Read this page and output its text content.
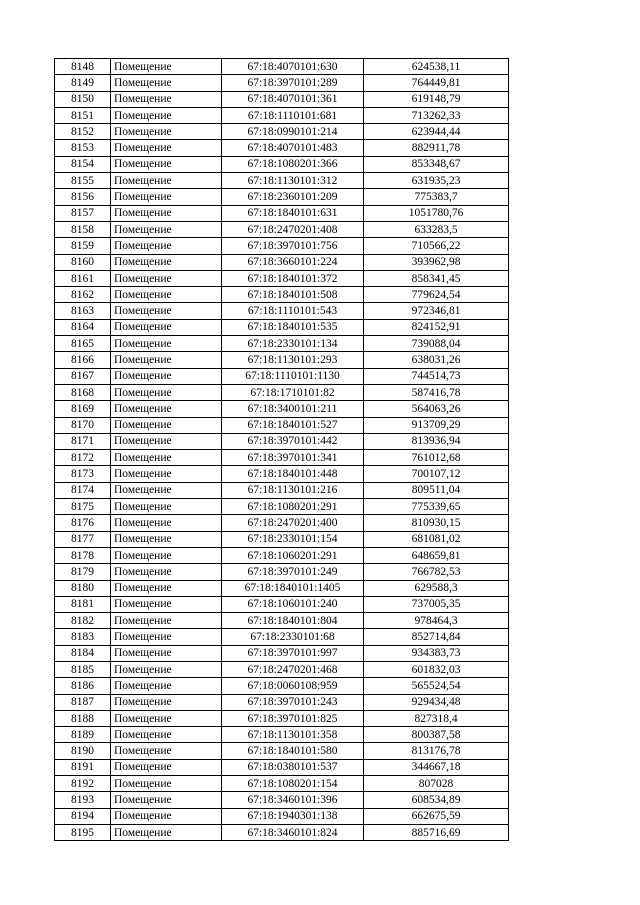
8148	Помещение	67:18:4070101:630	624538,11
8149	Помещение	67:18:3970101:289	764449,81
8150	Помещение	67:18:4070101:361	619148,79
8151	Помещение	67:18:1110101:681	713262,33
8152	Помещение	67:18:0990101:214	623944,44
8153	Помещение	67:18:4070101:483	882911,78
8154	Помещение	67:18:1080201:366	853348,67
8155	Помещение	67:18:1130101:312	631935,23
8156	Помещение	67:18:2360101:209	775383,7
8157	Помещение	67:18:1840101:631	1051780,76
8158	Помещение	67:18:2470201:408	633283,5
8159	Помещение	67:18:3970101:756	710566,22
8160	Помещение	67:18:3660101:224	393962,98
8161	Помещение	67:18:1840101:372	858341,45
8162	Помещение	67:18:1840101:508	779624,54
8163	Помещение	67:18:1110101:543	972346,81
8164	Помещение	67:18:1840101:535	824152,91
8165	Помещение	67:18:2330101:134	739088,04
8166	Помещение	67:18:1130101:293	638031,26
8167	Помещение	67:18:1110101:1130	744514,73
8168	Помещение	67:18:1710101:82	587416,78
8169	Помещение	67:18:3400101:211	564063,26
8170	Помещение	67:18:1840101:527	913709,29
8171	Помещение	67:18:3970101:442	813936,94
8172	Помещение	67:18:3970101:341	761012,68
8173	Помещение	67:18:1840101:448	700107,12
8174	Помещение	67:18:1130101:216	809511,04
8175	Помещение	67:18:1080201:291	775339,65
8176	Помещение	67:18:2470201:400	810930,15
8177	Помещение	67:18:2330101:154	681081,02
8178	Помещение	67:18:1060201:291	648659,81
8179	Помещение	67:18:3970101:249	766782,53
8180	Помещение	67:18:1840101:1405	629588,3
8181	Помещение	67:18:1060101:240	737005,35
8182	Помещение	67:18:1840101:804	978464,3
8183	Помещение	67:18:2330101:68	852714,84
8184	Помещение	67:18:3970101:997	934383,73
8185	Помещение	67:18:2470201:468	601832,03
8186	Помещение	67:18:0060108:959	565524,54
8187	Помещение	67:18:3970101:243	929434,48
8188	Помещение	67:18:3970101:825	827318,4
8189	Помещение	67:18:1130101:358	800387,58
8190	Помещение	67:18:1840101:580	813176,78
8191	Помещение	67:18:0380101:537	344667,18
8192	Помещение	67:18:1080201:154	807028
8193	Помещение	67:18:3460101:396	608534,89
8194	Помещение	67:18:1940301:138	662675,59
8195	Помещение	67:18:3460101:824	885716,69
